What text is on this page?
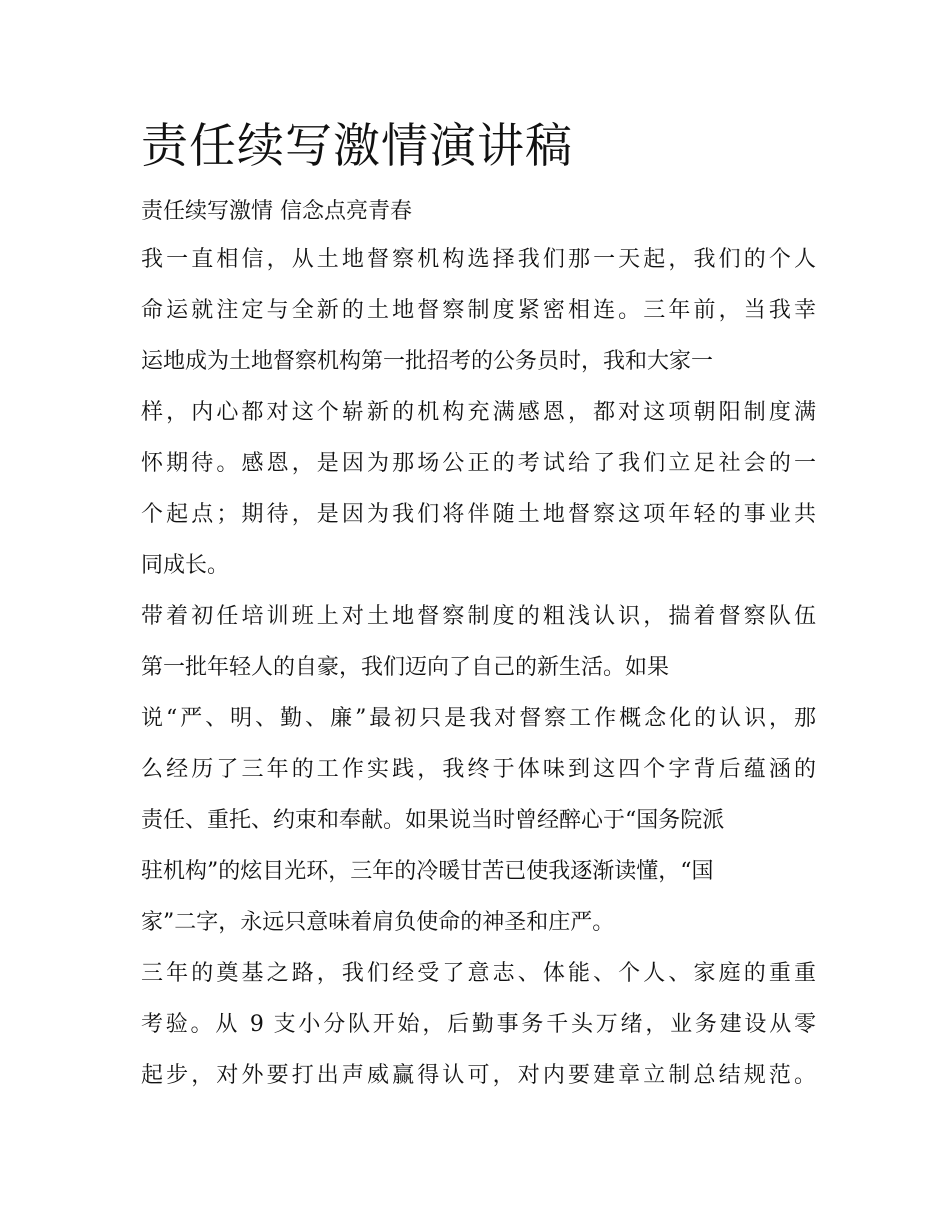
责任续写激情演讲稿
责任续写激情 信念点亮青春
我一直相信，从土地督察机构选择我们那一天起，我们的个人
命运就注定与全新的土地督察制度紧密相连。三年前，当我幸
运地成为土地督察机构第一批招考的公务员时，我和大家一
样，内心都对这个崭新的机构充满感恩，都对这项朝阳制度满
怀期待。感恩，是因为那场公正的考试给了我们立足社会的一
个起点；期待，是因为我们将伴随土地督察这项年轻的事业共
同成长。
带着初任培训班上对土地督察制度的粗浅认识，揣着督察队伍
第一批年轻人的自豪，我们迈向了自己的新生活。如果
说“严、明、勤、廉”最初只是我对督察工作概念化的认识，那
么经历了三年的工作实践，我终于体味到这四个字背后蕴涵的
责任、重托、约束和奉献。如果说当时曾经醉心于“国务院派
驻机构”的炫目光环，三年的冷暖甘苦已使我逐渐读懂，“国
家”二字，永远只意味着肩负使命的神圣和庄严。
三年的奠基之路，我们经受了意志、体能、个人、家庭的重重
考验。从 9 支小分队开始，后勤事务千头万绪，业务建设从零
起步，对外要打出声威赢得认可，对内要建章立制总结规范。
